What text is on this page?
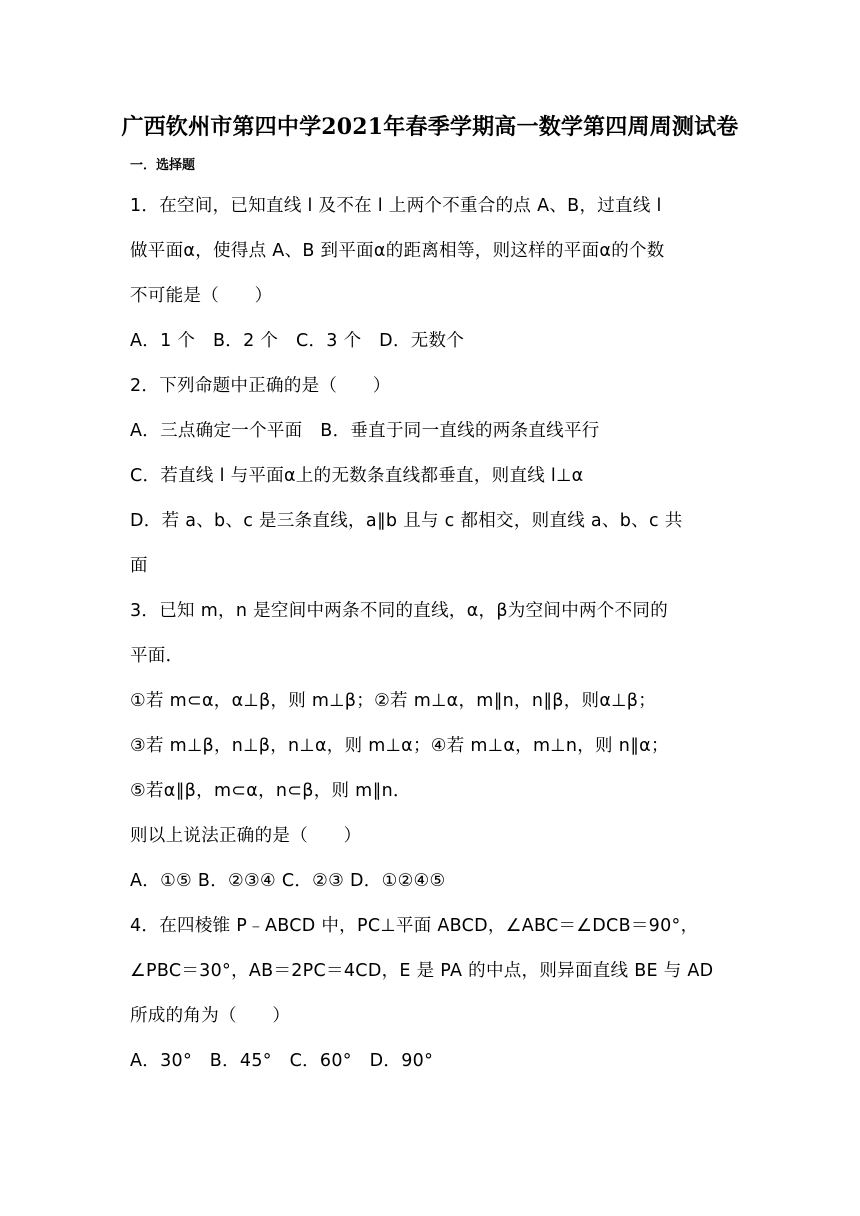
广西钦州市第四中学2021年春季学期高一数学第四周周测试卷
一．选择题
1．在空间，已知直线 l 及不在 l 上两个不重合的点 A、B，过直线 l
做平面α，使得点 A、B 到平面α的距离相等，则这样的平面α的个数
不可能是（　　）
A．1 个　B．2 个　C．3 个　D．无数个
2．下列命题中正确的是（　　）
A．三点确定一个平面　B．垂直于同一直线的两条直线平行
C．若直线 l 与平面α上的无数条直线都垂直，则直线 l⊥α
D．若 a、b、c 是三条直线，a∥b 且与 c 都相交，则直线 a、b、c 共
面
3．已知 m，n 是空间中两条不同的直线，α，β为空间中两个不同的
平面．
①若 m⊂α，α⊥β，则 m⊥β；②若 m⊥α，m∥n，n∥β，则α⊥β；
③若 m⊥β，n⊥β，n⊥α，则 m⊥α；④若 m⊥α，m⊥n，则 n∥α；
⑤若α∥β，m⊂α，n⊂β，则 m∥n．
则以上说法正确的是（　　）
A．①⑤ B．②③④ C．②③ D．①②④⑤
4．在四棱锥 P﹣ABCD 中，PC⊥平面 ABCD，∠ABC＝∠DCB＝90°，
∠PBC＝30°，AB＝2PC＝4CD，E 是 PA 的中点，则异面直线 BE 与 AD
所成的角为（　　）
A．30°　B．45°　C．60°　D．90°
